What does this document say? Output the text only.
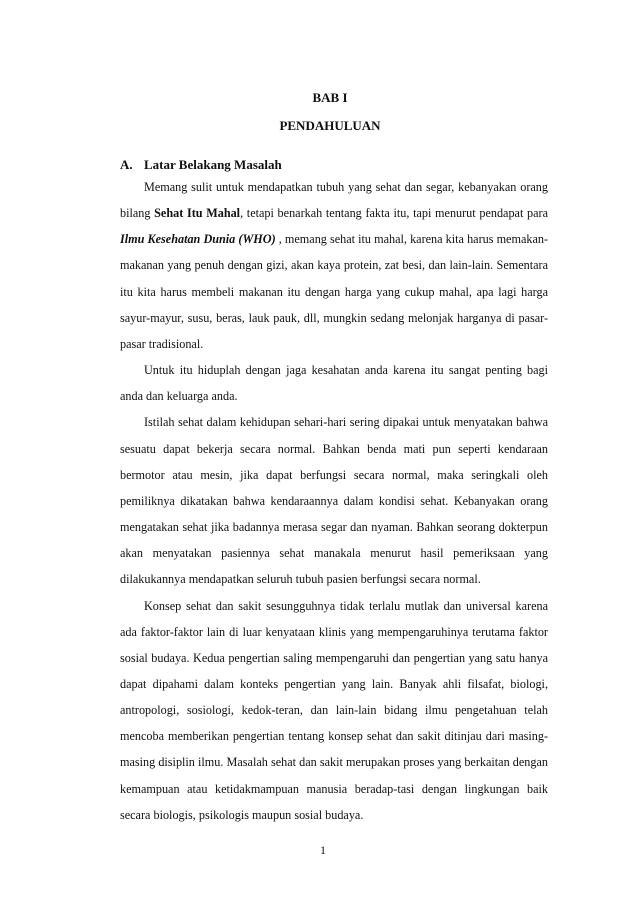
BAB I
PENDAHULUAN
A. Latar Belakang Masalah

Memang sulit untuk mendapatkan tubuh yang sehat dan segar, kebanyakan orang bilang Sehat Itu Mahal, tetapi benarkah tentang fakta itu, tapi menurut pendapat para Ilmu Kesehatan Dunia (WHO) , memang sehat itu mahal, karena kita harus memakan- makanan yang penuh dengan gizi, akan kaya protein, zat besi, dan lain-lain. Sementara itu kita harus membeli makanan itu dengan harga yang cukup mahal, apa lagi harga sayur-mayur, susu, beras, lauk pauk, dll, mungkin sedang melonjak harganya di pasar-pasar tradisional.

Untuk itu hiduplah dengan jaga kesahatan anda karena itu sangat penting bagi anda dan keluarga anda.

Istilah sehat dalam kehidupan sehari-hari sering dipakai untuk menyatakan bahwa sesuatu dapat bekerja secara normal. Bahkan benda mati pun seperti kendaraan bermotor atau mesin, jika dapat berfungsi secara normal, maka seringkali oleh pemiliknya dikatakan bahwa kendaraannya dalam kondisi sehat. Kebanyakan orang mengatakan sehat jika badannya merasa segar dan nyaman. Bahkan seorang dokterpun akan menyatakan pasiennya sehat manakala menurut hasil pemeriksaan yang dilakukannya mendapatkan seluruh tubuh pasien berfungsi secara normal.

Konsep sehat dan sakit sesungguhnya tidak terlalu mutlak dan universal karena ada faktor-faktor lain di luar kenyataan klinis yang mempengaruhinya terutama faktor sosial budaya. Kedua pengertian saling mempengaruhi dan pengertian yang satu hanya dapat dipahami dalam konteks pengertian yang lain. Banyak ahli filsafat, biologi, antropologi, sosiologi, kedok-teran, dan lain-lain bidang ilmu pengetahuan telah mencoba memberikan pengertian tentang konsep sehat dan sakit ditinjau dari masing-masing disiplin ilmu. Masalah sehat dan sakit merupakan proses yang berkaitan dengan kemampuan atau ketidakmampuan manusia beradap-tasi dengan lingkungan baik secara biologis, psikologis maupun sosial budaya.

1
